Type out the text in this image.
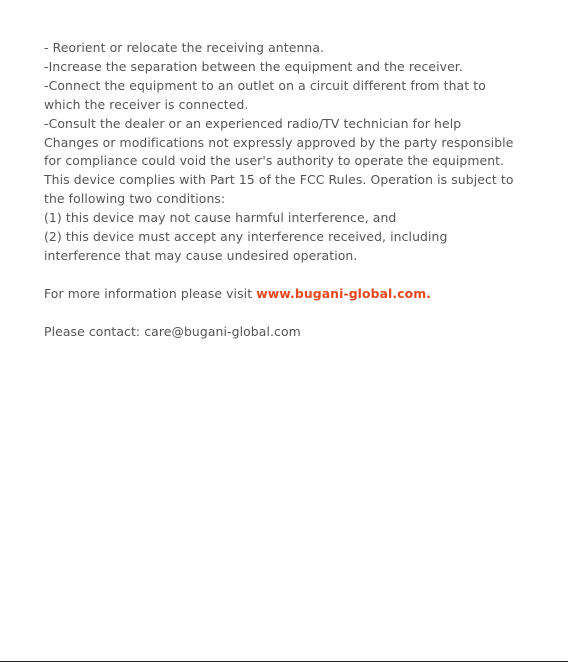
- Reorient or relocate the receiving antenna.

-Increase the separation between the equipment and the receiver.

-Connect the equipment to an outlet on a circuit different from that to

which the receiver is connected.

-Consult the dealer or an experienced radio/TV technician for help

Changes or modifications not expressly approved by the party responsible

for compliance could void the user's authority to operate the equipment.

This device complies with Part 15 of the FCC Rules. Operation is subject to

the following two conditions:

(1) this device may not cause harmful interference, and

(2) this device must accept any interference received, including

interference that may cause undesired operation.

For more information please visit www.bugani-global.com.

Please contact: care@bugani-global.com
